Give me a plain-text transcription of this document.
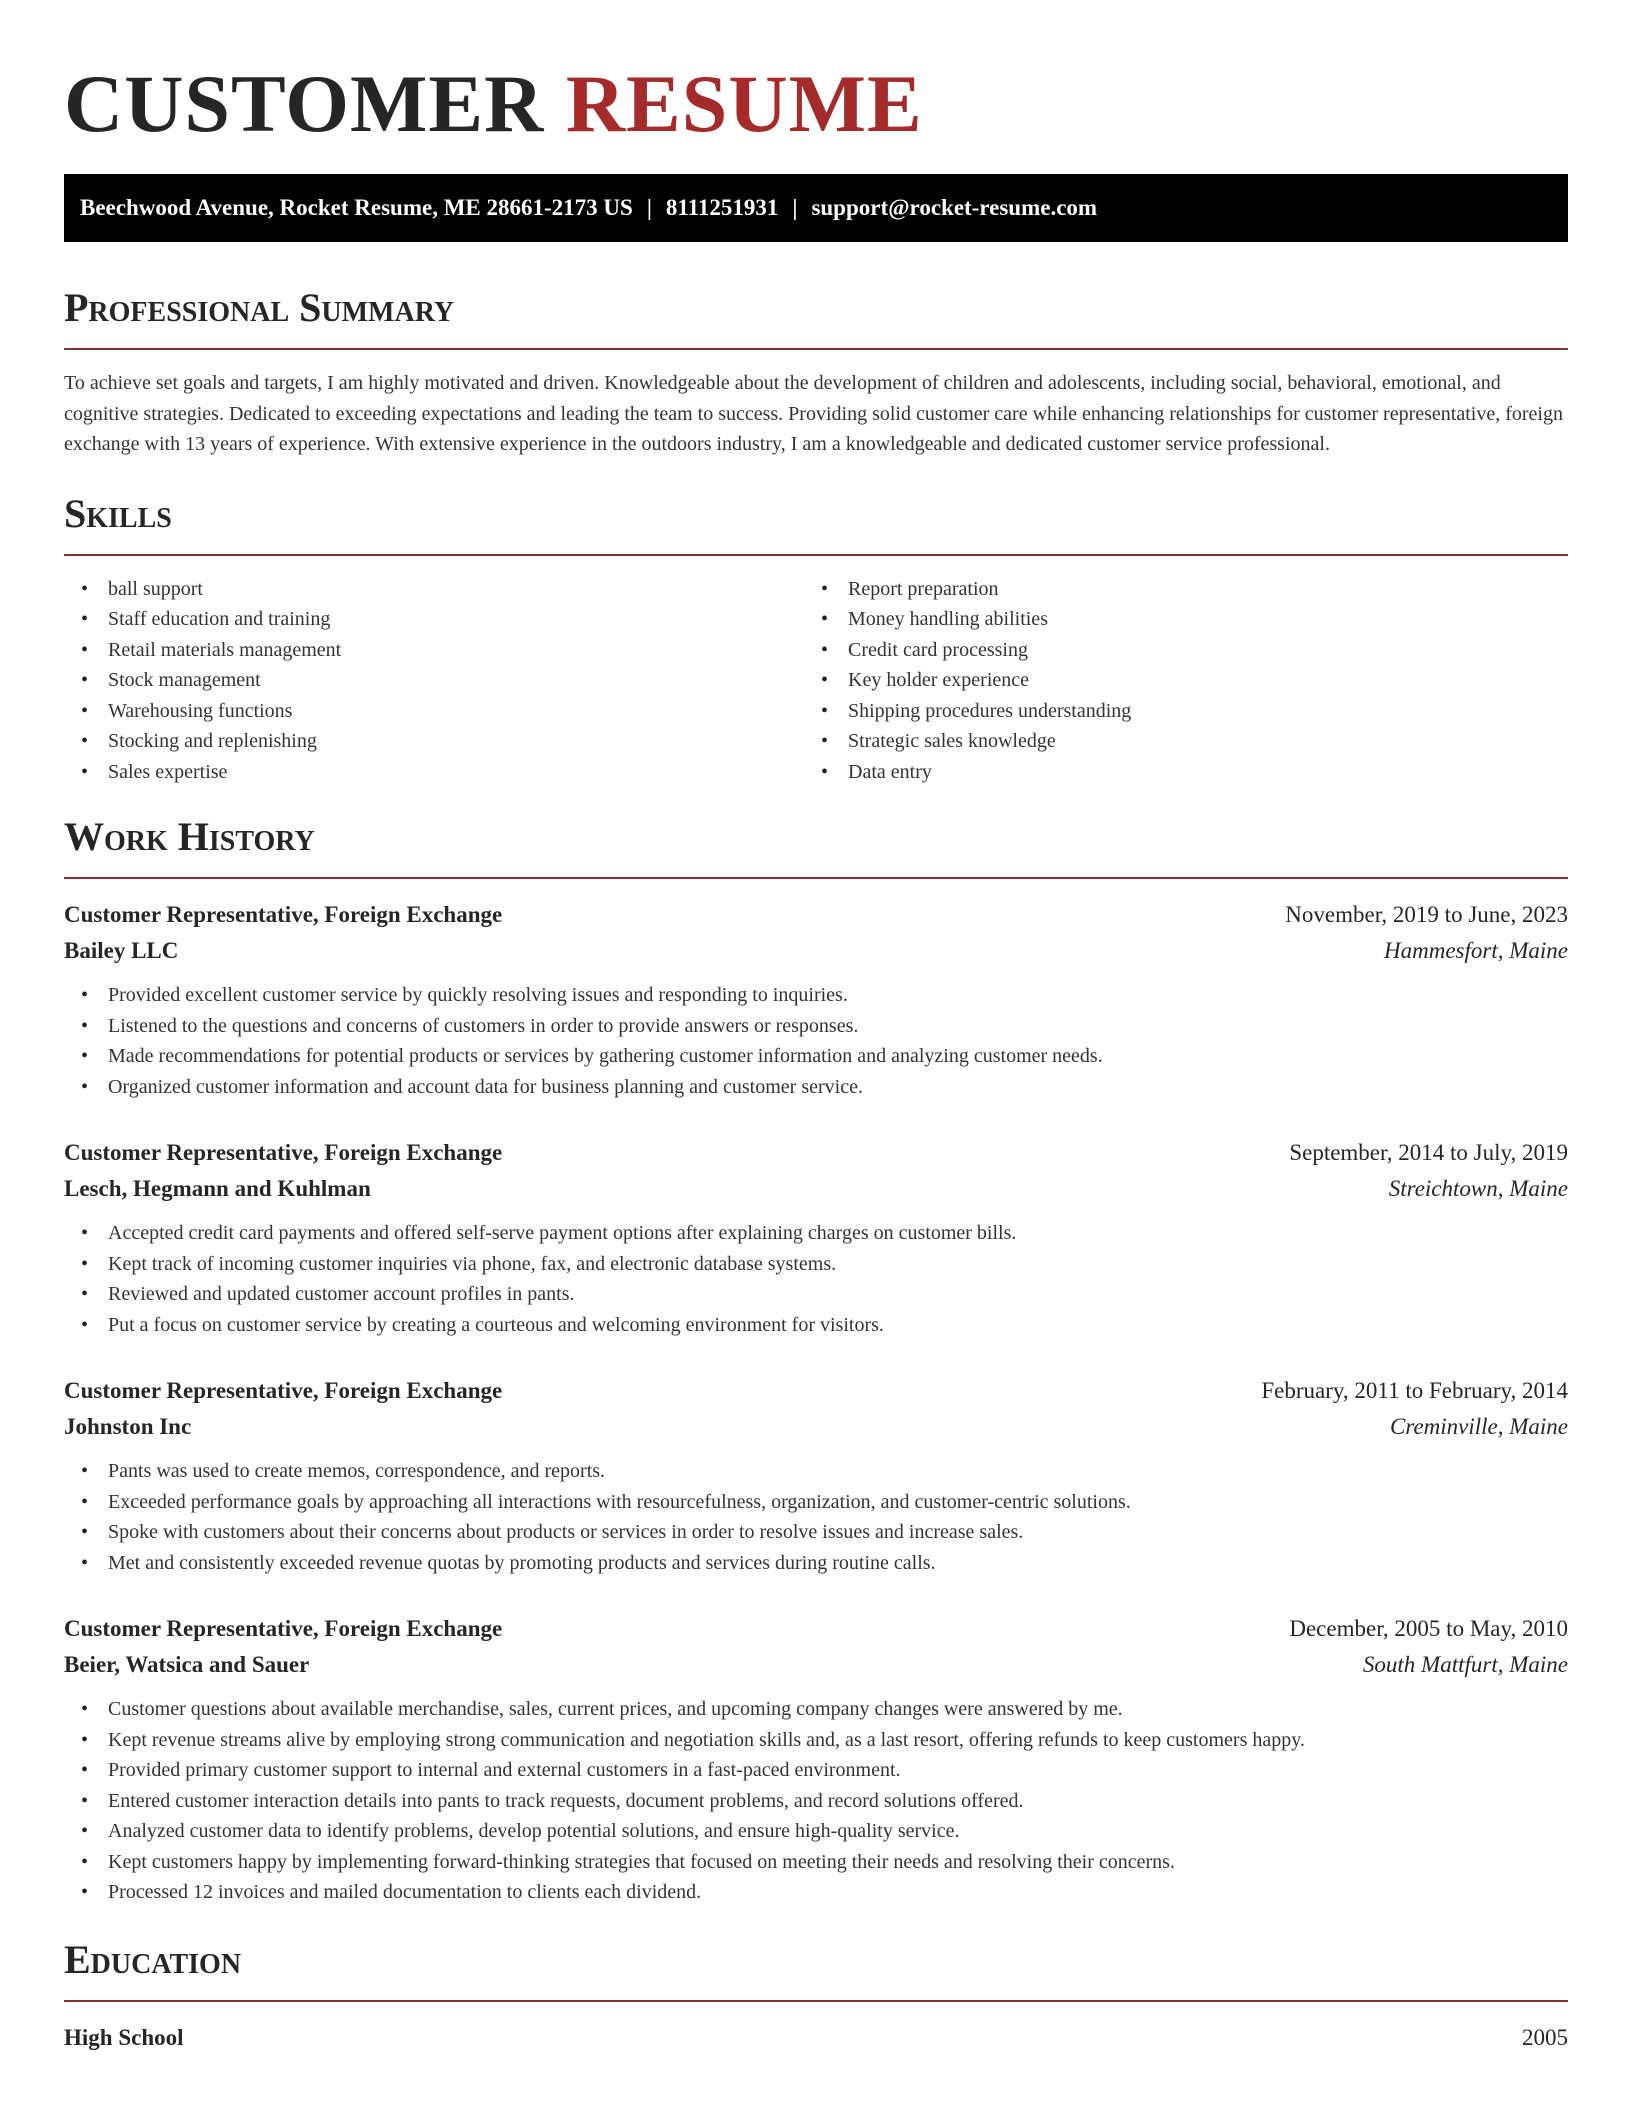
CUSTOMER RESUME
Beechwood Avenue, Rocket Resume, ME 28661-2173 US | 8111251931 | support@rocket-resume.com
Professional Summary

To achieve set goals and targets, I am highly motivated and driven. Knowledgeable about the development of children and adolescents, including social, behavioral, emotional, and cognitive strategies. Dedicated to exceeding expectations and leading the team to success. Providing solid customer care while enhancing relationships for customer representative, foreign exchange with 13 years of experience. With extensive experience in the outdoors industry, I am a knowledgeable and dedicated customer service professional.

Skills
• ball support
• Staff education and training
• Retail materials management
• Stock management
• Warehousing functions
• Stocking and replenishing
• Sales expertise
• Report preparation
• Money handling abilities
• Credit card processing
• Key holder experience
• Shipping procedures understanding
• Strategic sales knowledge
• Data entry
Work History
Customer Representative, Foreign Exchange	November, 2019 to June, 2023
Bailey LLC	Hammesfort, Maine
• Provided excellent customer service by quickly resolving issues and responding to inquiries.
• Listened to the questions and concerns of customers in order to provide answers or responses.
• Made recommendations for potential products or services by gathering customer information and analyzing customer needs.
• Organized customer information and account data for business planning and customer service.
Customer Representative, Foreign Exchange	September, 2014 to July, 2019
Lesch, Hegmann and Kuhlman	Streichtown, Maine
• Accepted credit card payments and offered self-serve payment options after explaining charges on customer bills.
• Kept track of incoming customer inquiries via phone, fax, and electronic database systems.
• Reviewed and updated customer account profiles in pants.
• Put a focus on customer service by creating a courteous and welcoming environment for visitors.
Customer Representative, Foreign Exchange	February, 2011 to February, 2014
Johnston Inc	Creminville, Maine
• Pants was used to create memos, correspondence, and reports.
• Exceeded performance goals by approaching all interactions with resourcefulness, organization, and customer-centric solutions.
• Spoke with customers about their concerns about products or services in order to resolve issues and increase sales.
• Met and consistently exceeded revenue quotas by promoting products and services during routine calls.
Customer Representative, Foreign Exchange	December, 2005 to May, 2010
Beier, Watsica and Sauer	South Mattfurt, Maine
• Customer questions about available merchandise, sales, current prices, and upcoming company changes were answered by me.
• Kept revenue streams alive by employing strong communication and negotiation skills and, as a last resort, offering refunds to keep customers happy.
• Provided primary customer support to internal and external customers in a fast-paced environment.
• Entered customer interaction details into pants to track requests, document problems, and record solutions offered.
• Analyzed customer data to identify problems, develop potential solutions, and ensure high-quality service.
• Kept customers happy by implementing forward-thinking strategies that focused on meeting their needs and resolving their concerns.
• Processed 12 invoices and mailed documentation to clients each dividend.
Education
High School	2005
